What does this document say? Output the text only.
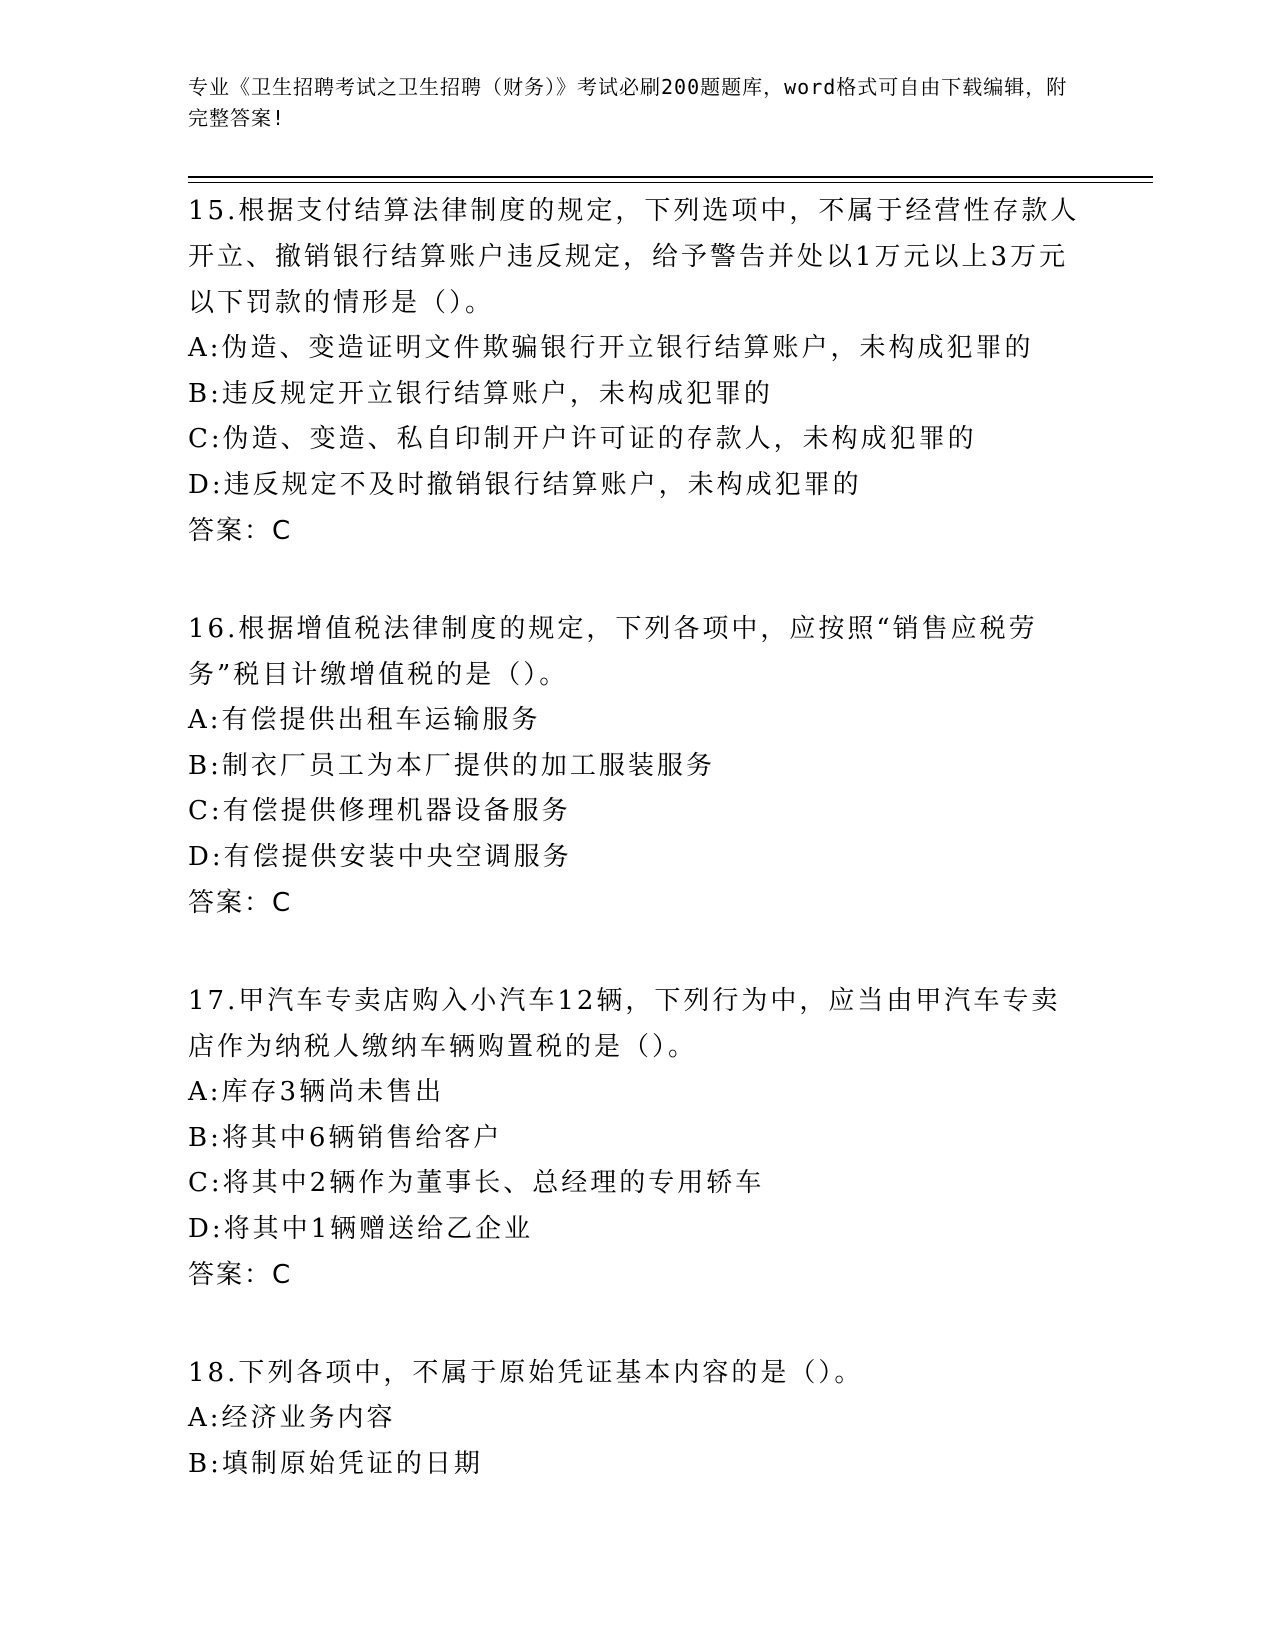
专业《卫生招聘考试之卫生招聘（财务）》考试必刷200题题库，word格式可自由下载编辑，附完整答案!
15.根据支付结算法律制度的规定，下列选项中，不属于经营性存款人开立、撤销银行结算账户违反规定，给予警告并处以1万元以上3万元以下罚款的情形是（）。
A:伪造、变造证明文件欺骗银行开立银行结算账户，未构成犯罪的
B:违反规定开立银行结算账户，未构成犯罪的
C:伪造、变造、私自印制开户许可证的存款人，未构成犯罪的
D:违反规定不及时撤销银行结算账户，未构成犯罪的
答案：C
16.根据增值税法律制度的规定，下列各项中，应按照“销售应税劳务”税目计缴增值税的是（）。
A:有偿提供出租车运输服务
B:制衣厂员工为本厂提供的加工服装服务
C:有偿提供修理机器设备服务
D:有偿提供安装中央空调服务
答案：C
17.甲汽车专卖店购入小汽车12辆，下列行为中，应当由甲汽车专卖店作为纳税人缴纳车辆购置税的是（）。
A:库存3辆尚未售出
B:将其中6辆销售给客户
C:将其中2辆作为董事长、总经理的专用轿车
D:将其中1辆赠送给乙企业
答案：C
18.下列各项中，不属于原始凭证基本内容的是（）。
A:经济业务内容
B:填制原始凭证的日期
